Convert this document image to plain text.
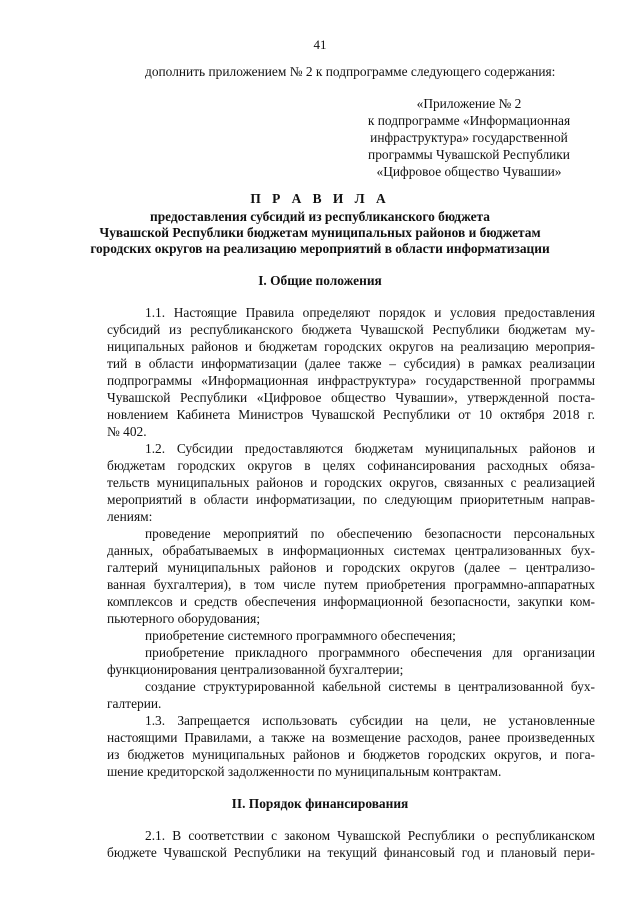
41
дополнить приложением № 2 к подпрограмме следующего содержания:
«Приложение № 2
к подпрограмме «Информационная
инфраструктура» государственной
программы Чувашской Республики
«Цифровое общество Чувашии»
П Р А В И Л А
предоставления субсидий из республиканского бюджета
Чувашской Республики бюджетам муниципальных районов и бюджетам
городских округов на реализацию мероприятий в области информатизации
I. Общие положения
1.1. Настоящие Правила определяют порядок и условия предоставления
субсидий из республиканского бюджета Чувашской Республики бюджетам му-
ниципальных районов и бюджетам городских округов на реализацию мероприя-
тий в области информатизации (далее также – субсидия) в рамках реализации
подпрограммы «Информационная инфраструктура» государственной программы
Чувашской Республики «Цифровое общество Чувашии», утвержденной поста-
новлением Кабинета Министров Чувашской Республики от 10 октября 2018 г.
№ 402.
1.2. Субсидии предоставляются бюджетам муниципальных районов и
бюджетам городских округов в целях софинансирования расходных обяза-
тельств муниципальных районов и городских округов, связанных с реализацией
мероприятий в области информатизации, по следующим приоритетным направ-
лениям:
проведение мероприятий по обеспечению безопасности персональных
данных, обрабатываемых в информационных системах централизованных бух-
галтерий муниципальных районов и городских округов (далее – централизо-
ванная бухгалтерия), в том числе путем приобретения программно-аппаратных
комплексов и средств обеспечения информационной безопасности, закупки ком-
пьютерного оборудования;
приобретение системного программного обеспечения;
приобретение прикладного программного обеспечения для организации
функционирования централизованной бухгалтерии;
создание структурированной кабельной системы в централизованной бух-
галтерии.
1.3. Запрещается использовать субсидии на цели, не установленные
настоящими Правилами, а также на возмещение расходов, ранее произведенных
из бюджетов муниципальных районов и бюджетов городских округов, и пога-
шение кредиторской задолженности по муниципальным контрактам.
II. Порядок финансирования
2.1. В соответствии с законом Чувашской Республики о республиканском
бюджете Чувашской Республики на текущий финансовый год и плановый пери-
